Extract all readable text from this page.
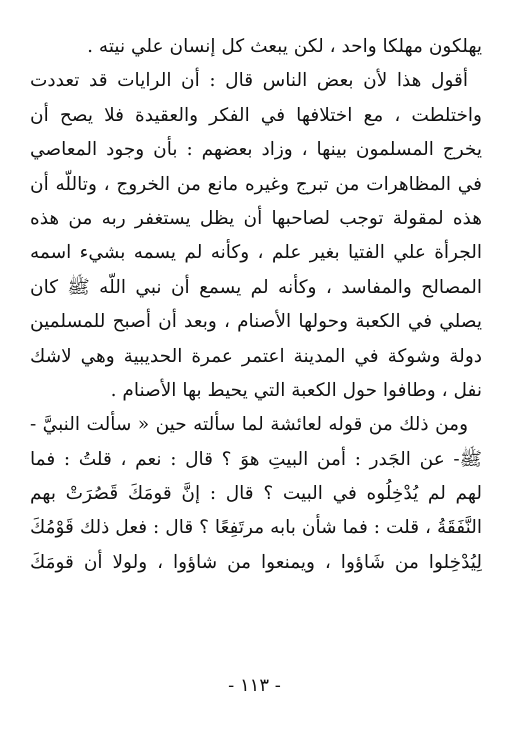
يهلكون مهلكا واحد ، لكن يبعث كل إنسان علي نيته .
أقول هذا لأن بعض الناس قال : أن الرايات قد تعددت
واختلطت ، مع اختلافها في الفكر والعقيدة فلا يصح أن
يخرج المسلمون بينها ، وزاد بعضهم : بأن وجود المعاصي
في المظاهرات من تبرج وغيره مانع من الخروج ، وتاللّه أن
هذه لمقولة توجب لصاحبها أن يظل يستغفر ربه من هذه
الجرأة علي الفتيا بغير علم ، وكأنه لم يسمه بشيء اسمه
المصالح والمفاسد ، وكأنه لم يسمع أن نبي اللّه ﷺ كان
يصلي في الكعبة وحولها الأصنام ، وبعد أن أصبح للمسلمين
دولة وشوكة في المدينة اعتمر عمرة الحديبية وهي لاشك
نفل ، وطافوا حول الكعبة التي يحيط بها الأصنام .
ومن ذلك من قوله لعائشة لما سألته حين « سألت النبيَّ -
ﷺ- عن الجَدر : أمن البيتِ هوَ ؟ قال : نعم ، قلتُ : فما
لهم لم يُدْخِلُوه في البيت ؟ قال : إنَّ قومَكَ قَصُرَتْ بهم
النَّفَقَةُ ، قلت : فما شأن بابه مرتَفِعًا ؟ قال : فعل ذلك قَوْمُكَ
لِيُدْخِلوا من شَاؤوا ، ويمنعوا من شاؤوا ، ولولا أن قومَكَ
- ١١٣ -
